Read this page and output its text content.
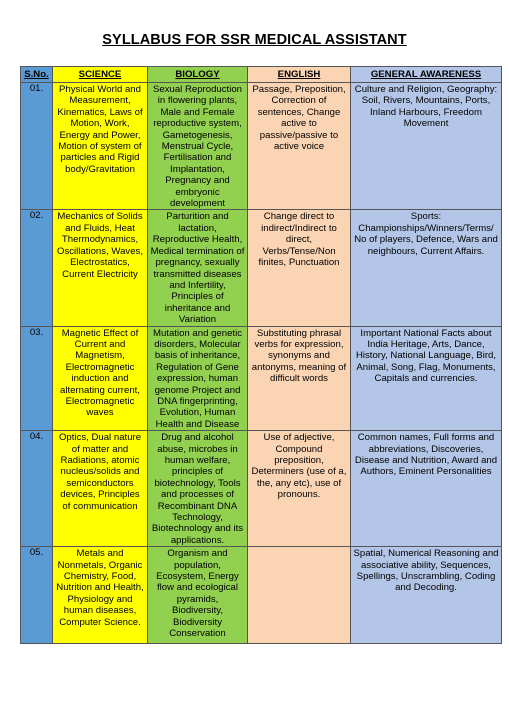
SYLLABUS FOR SSR MEDICAL ASSISTANT
S.No.	SCIENCE	BIOLOGY	ENGLISH	GENERAL AWARENESS
01.	Physical World and Measurement, Kinematics, Laws of Motion, Work, Energy and Power, Motion of system of particles and Rigid body/Gravitation	Sexual Reproduction in flowering plants, Male and Female reproductive system, Gametogenesis, Menstrual Cycle, Fertilisation and Implantation, Pregnancy and embryonic development	Passage, Preposition, Correction of sentences, Change active to passive/passive to active voice	Culture and Religion, Geography: Soil, Rivers, Mountains, Ports, Inland Harbours, Freedom Movement

02.	Mechanics of Solids and Fluids, Heat Thermodynamics, Oscillations, Waves, Electrostatics, Current Electricity	Parturition and lactation, Reproductive Health, Medical termination of pregnancy, sexually transmitted diseases and Infertility, Principles of inheritance and Variation	Change direct to indirect/Indirect to direct, Verbs/Tense/Non finites, Punctuation	Sports: Championships/Winners/Terms/ No of players, Defence, Wars and neighbours, Current Affairs.

03.	Magnetic Effect of Current and Magnetism, Electromagnetic induction and alternating current, Electromagnetic waves	Mutation and genetic disorders, Molecular basis of inheritance, Regulation of Gene expression, human genome Project and DNA fingerprinting, Evolution, Human Health and Disease	Substituting phrasal verbs for expression, synonyms and antonyms, meaning of difficult words	Important National Facts about India Heritage, Arts, Dance, History, National Language, Bird, Animal, Song, Flag, Monuments, Capitals and currencies.

04.	Optics, Dual nature of matter and Radiations, atomic nucleus/solids and semiconductors devices, Principles of communication	Drug and alcohol abuse, microbes in human welfare, principles of biotechnology, Tools and processes of Recombinant DNA Technology, Biotechnology and its applications.	Use of adjective, Compound preposition, Determiners (use of a, the, any etc), use of pronouns.	Common names, Full forms and abbreviations, Discoveries, Disease and Nutrition, Award and Authors, Eminent Personalities

05.	Metals and Nonmetals, Organic Chemistry, Food, Nutrition and Health, Physiology and human diseases, Computer Science.	Organism and population, Ecosystem, Energy flow and ecological pyramids, Biodiversity, Biodiversity Conservation		Spatial, Numerical Reasoning and associative ability, Sequences, Spellings, Unscrambling, Coding and Decoding.
